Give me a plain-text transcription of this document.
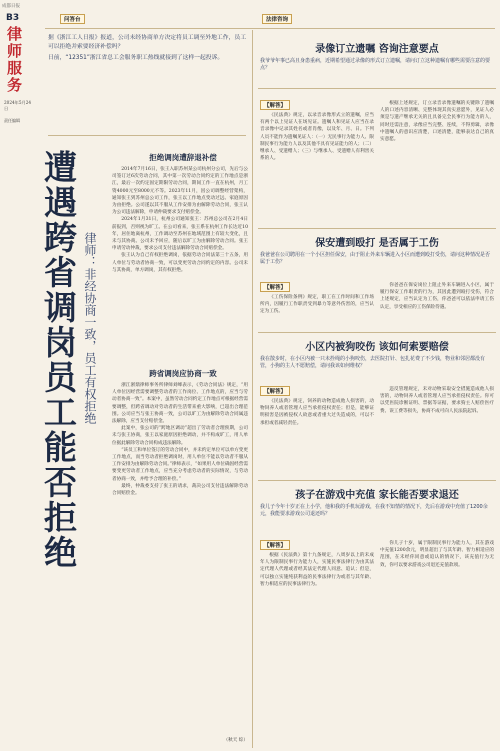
成都日报
B3
律师服务
2024年5月24日
责任编辑
问答台	法律咨询

据《浙江工人日报》报道，公司未经协商单方决定将员工调至外地工作，员工可以拒绝并索要经济补偿吗？

日前，“12351”浙江省总工会服务职工热线就接到了这样一起投诉。

遭遇跨省调岗员工能否拒绝 律师：非经协商一致，员工有权拒绝
拒绝调岗遭辞退补偿

2014年7月16日，张王入职苏州某公司杭州分公司，先后与公司签订过6次劳动合同，其中第一次劳动合同约定的工作地点是浙江，最后一次约定固定期限劳动合同，期间工作一直在杭州，月工资4000元至8000元不等。2023年11月，因公司调整经营架构，通知张王到苏州总公司工作，张王以工作地点变动过远、家庭原因为由拒绝。公司遂以其不服从工作安排为由解除劳动合同，张王认为公司违法解除，申请仲裁要求支付赔偿金。

2024年1月31日，杭州公司通知张王：苏州总公司在2月4日前报到，否则视为旷工。在公司看来，张王系在杭州工作长达近10年，居住地离杭州，工作调动至苏州在地域范围上有较大变化，且未与其协商。公司未予回应，随后以旷工为由解除劳动合同。张王申请劳动仲裁，要求公司支付违法解除劳动合同赔偿金。

张王认为自己有权拒绝调岗，依据劳动合同法第三十五条，用人单位与劳动者协商一致，可以变更劳动合同约定的内容。公司未与其协商，单方调岗，其有权拒绝。

跨省调岗应协商一致

浙江浙鼎律师事务所律师刘峰表示，《劳动合同法》规定，“用人单位因经营需要调整劳动者的工作岗位、工作地点的，应当与劳动者协商一致”。本案中，虽然劳动合同约定工作地点可根据经营需要调整，但跨省调动对劳动者的生活带来重大影响，已超出合理范围。公司应当与张王协商一致，公司以旷工为由解除劳动合同属违法解除，应当支付赔偿金。

此案中，张公司的“跨地区调动”超出了劳动者合理预期，公司未与张王协商，张王以家庭原因拒绝调动，并不构成旷工，用人单位据此解除劳动合同构成违法解除。

“该员工和单位签订的劳动合同中，并未约定单位可以单方变更工作地点，而当劳动者拒绝调岗时，用人单位不能以劳动者不服从工作安排为由解除劳动合同。”律师表示，“如果用人单位确因经营需要变更劳动者工作地点，应当充分考虑劳动者的实际情况，与劳动者协商一致，并给予合理的补偿。”

最终，仲裁委支持了张王的请求，裁决公司支付违法解除劳动合同赔偿金。

（秋天 综）
录像订立遗嘱 咨询注意要点
我爷爷年事已高且身患重病，近期希望通过录像的形式订立遗嘱，请问订立这种遗嘱有哪些需要注意的要点？
【解答】

《民法典》规定，以录音录像形式立的遗嘱，应当有两个以上见证人在场见证。遗嘱人和见证人应当在录音录像中记录其姓名或者肖像，以及年、月、日。下列人员不能作为遗嘱见证人：（一）无民事行为能力人、限制民事行为能力人以及其他不具有见证能力的人；（二）继承人、受遗赠人；（三）与继承人、受遗赠人有利害关系的人。

根据上述规定，订立录音录像遗嘱的关键除了遗嘱人的口述内容清晰、完整体现其真实意愿外，见证人必须是与遗产继承无关的且具备完全民事行为能力的人，同时还需注意，录像应当完整、连续，不得剪辑，录像中遗嘱人的意识应清楚，口述清楚，能够表达自己的真实意愿。

保安遭到殴打 是否属于工伤
我爸爸在公司聘用在一个小区担任保安，由于阻止外来车辆进入小区而遭到殴打受伤，请问这种情况是否属于工伤？
【解答】

《工伤保险条例》规定，职工在工作时间和工作场所内，因履行工作职责受到暴力等意外伤害的，应当认定为工伤。

你爸爸在保安岗位上阻止外来车辆进入小区，属于履行保安工作职责的行为，其因此遭到殴打受伤，符合上述规定，应当认定为工伤，你爸爸可以依法申请工伤认定，享受相应的工伤保险待遇。

小区内被狗咬伤 该如何索要赔偿
我在散步时，在小区内被一只未拴绳的小狗咬伤，去医院打针、包扎花费了不少钱，物业和邻居都没有管，小狗的主人不愿赔偿，请问我该如何维权？
【解答】

《民法典》规定，饲养的动物造成他人损害的，动物饲养人或者管理人应当承担侵权责任；但是，能够证明损害是因被侵权人故意或者重大过失造成的，可以不承担或者减轻责任。

违反管理规定，未对动物采取安全措施造成他人损害的，动物饲养人或者管理人应当承担侵权责任。你可以凭医院诊断证明、票据等证据，要求狗主人赔偿医疗费、误工费等损失，协商不成可向人民法院起诉。

孩子在游戏中充值 家长能否要求退还
我儿子今年十岁正在上小学，他和我的手机玩游戏，在我不知情的情况下，先后在游戏中充值了1200余元，我能要求游戏公司退还吗？
【解答】

根据《民法典》第十九条规定，八周岁以上的未成年人为限制民事行为能力人，实施民事法律行为由其法定代理人代理或者经其法定代理人同意、追认；但是，可以独立实施纯获利益的民事法律行为或者与其年龄、智力相适应的民事法律行为。

你儿子十岁，属于限制民事行为能力人，其在游戏中充值1200余元，明显超出了与其年龄、智力相适应的范围，在未经你同意或追认的情况下，该充值行为无效，你可以要求游戏公司退还充值款项。
